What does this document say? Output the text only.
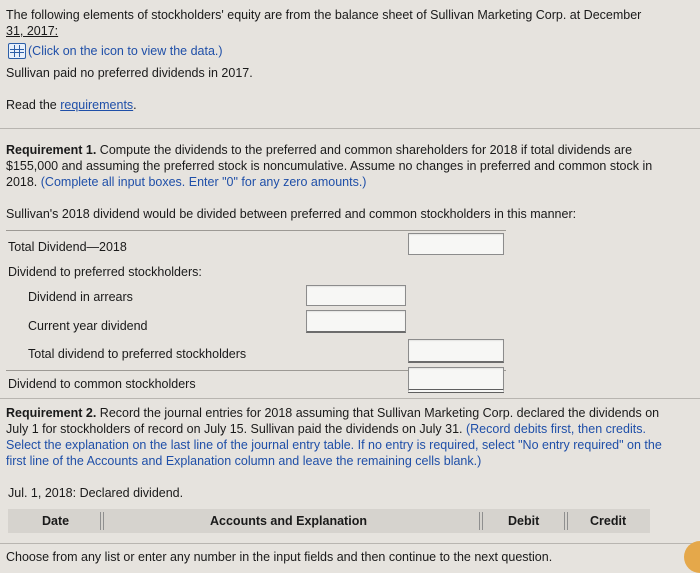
The following elements of stockholders' equity are from the balance sheet of Sullivan Marketing Corp. at December
31, 2017:
(Click on the icon to view the data.)
Sullivan paid no preferred dividends in 2017.
Read the requirements.
Requirement 1. Compute the dividends to the preferred and common shareholders for 2018 if total dividends are
$155,000 and assuming the preferred stock is noncumulative. Assume no changes in preferred and common stock in
2018. (Complete all input boxes. Enter "0" for any zero amounts.)
Sullivan's 2018 dividend would be divided between preferred and common stockholders in this manner:
Total Dividend—2018
Dividend to preferred stockholders:
Dividend in arrears
Current year dividend
Total dividend to preferred stockholders
Dividend to common stockholders
Requirement 2. Record the journal entries for 2018 assuming that Sullivan Marketing Corp. declared the dividends on
July 1 for stockholders of record on July 15. Sullivan paid the dividends on July 31. (Record debits first, then credits.
Select the explanation on the last line of the journal entry table. If no entry is required, select "No entry required" on the
first line of the Accounts and Explanation column and leave the remaining cells blank.)
Jul. 1, 2018: Declared dividend.
Date	Accounts and Explanation	Debit	Credit
Choose from any list or enter any number in the input fields and then continue to the next question.
